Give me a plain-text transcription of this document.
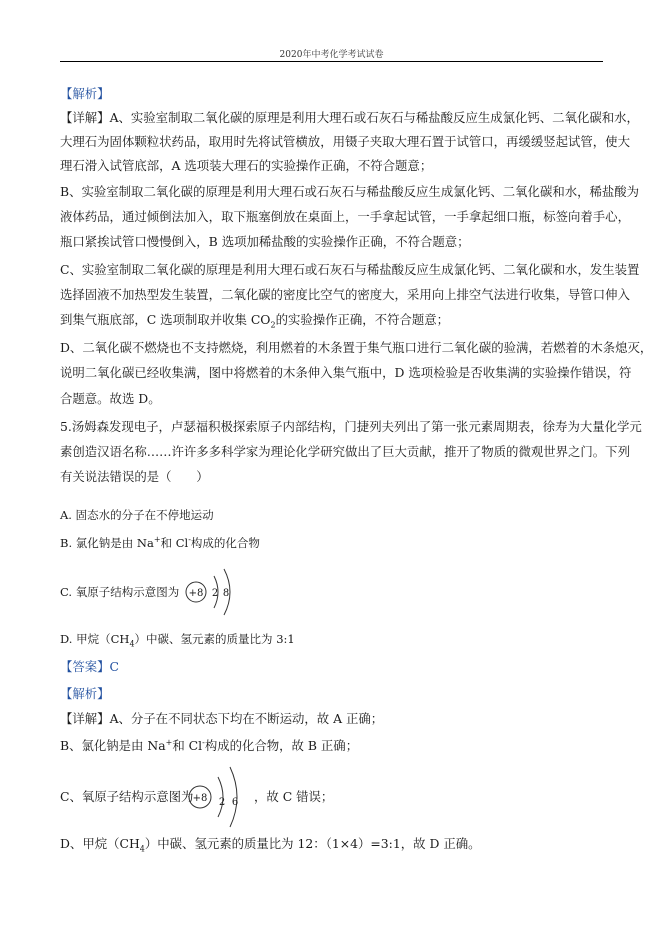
2020年中考化学考试试卷
【解析】
【详解】A、实验室制取二氧化碳的原理是利用大理石或石灰石与稀盐酸反应生成氯化钙、二氧化碳和水，
大理石为固体颗粒状药品，取用时先将试管横放，用镊子夹取大理石置于试管口，再缓缓竖起试管，使大
理石滑入试管底部，A 选项装大理石的实验操作正确，不符合题意；
B、实验室制取二氧化碳的原理是利用大理石或石灰石与稀盐酸反应生成氯化钙、二氧化碳和水，稀盐酸为
液体药品，通过倾倒法加入，取下瓶塞倒放在桌面上，一手拿起试管，一手拿起细口瓶，标签向着手心，
瓶口紧挨试管口慢慢倒入，B 选项加稀盐酸的实验操作正确，不符合题意；
C、实验室制取二氧化碳的原理是利用大理石或石灰石与稀盐酸反应生成氯化钙、二氧化碳和水，发生装置
选择固液不加热型发生装置，二氧化碳的密度比空气的密度大，采用向上排空气法进行收集，导管口伸入
到集气瓶底部，C 选项制取并收集 $CO_2$的实验操作正确，不符合题意；
D、二氧化碳不燃烧也不支持燃烧，利用燃着的木条置于集气瓶口进行二氧化碳的验满，若燃着的木条熄灭，
说明二氧化碳已经收集满，图中将燃着的木条伸入集气瓶中，D 选项检验是否收集满的实验操作错误，符
合题意。故选 D。
5.汤姆森发现电子，卢瑟福积极探索原子内部结构，门捷列夫列出了第一张元素周期表，徐寿为大量化学元
素创造汉语名称……许许多多科学家为理论化学研究做出了巨大贡献，推开了物质的微观世界之门。下列
有关说法错误的是（　　）
A. 固态水的分子在不停地运动
B. 氯化钠是由 Na+和 Cl-构成的化合物
C. 氧原子结构示意图为 +8 2 8
D. 甲烷$(CH_4)$中碳、氢元素的质量比为 3:1
【答案】C
【解析】
【详解】A、分子在不同状态下均在不断运动，故 A 正确；
B、氯化钠是由 Na+和 Cl-构成的化合物，故 B 正确；
C、氧原子结构示意图为 +8 2 6 ，故 C 错误；
D、甲烷$(CH_4)$中碳、氢元素的质量比为 12：（1×4）=3:1，故 D 正确。
